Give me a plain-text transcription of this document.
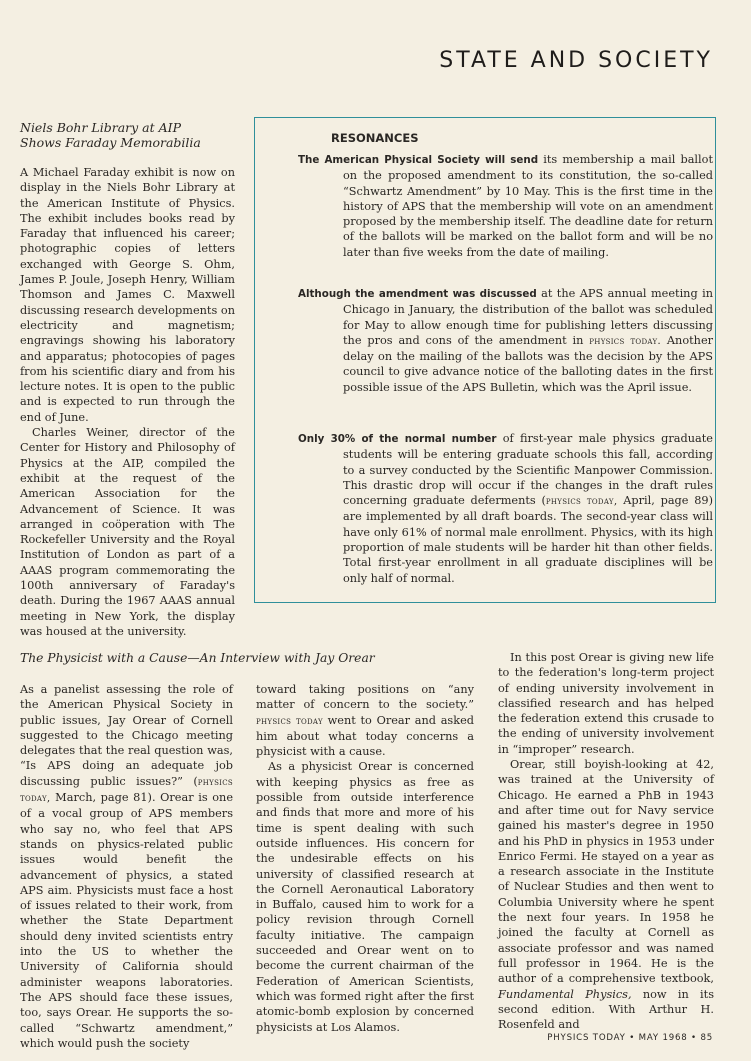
STATE AND SOCIETY
Niels Bohr Library at AIP
Shows Faraday Memorabilia

A Michael Faraday exhibit is now on display in the Niels Bohr Library at the American Institute of Physics. The exhibit includes books read by Faraday that influenced his career; photographic copies of letters exchanged with George S. Ohm, James P. Joule, Joseph Henry, William Thomson and James C. Maxwell discussing research developments on electricity and magnetism; engravings showing his laboratory and apparatus; photocopies of pages from his scientific diary and from his lecture notes. It is open to the public and is expected to run through the end of June.

Charles Weiner, director of the Center for History and Philosophy of Physics at the AIP, compiled the exhibit at the request of the American Association for the Advancement of Science. It was arranged in coöperation with The Rockefeller University and the Royal Institution of London as part of a AAAS program commemorating the 100th anniversary of Faraday's death. During the 1967 AAAS annual meeting in New York, the display was housed at the university.

RESONANCES
The American Physical Society will send its membership a mail ballot on the proposed amendment to its constitution, the so-called “Schwartz Amendment” by 10 May. This is the first time in the history of APS that the membership will vote on an amendment proposed by the membership itself. The deadline date for return of the ballots will be marked on the ballot form and will be no later than five weeks from the date of mailing.
Although the amendment was discussed at the APS annual meeting in Chicago in January, the distribution of the ballot was scheduled for May to allow enough time for publishing letters discussing the pros and cons of the amendment in physics today. Another delay on the mailing of the ballots was the decision by the APS council to give advance notice of the balloting dates in the first possible issue of the APS Bulletin, which was the April issue.
Only 30% of the normal number of first-year male physics graduate students will be entering graduate schools this fall, according to a survey conducted by the Scientific Manpower Commission. This drastic drop will occur if the changes in the draft rules concerning graduate deferments (physics today, April, page 89) are implemented by all draft boards. The second-year class will have only 61% of normal male enrollment. Physics, with its high proportion of male students will be harder hit than other fields. Total first-year enrollment in all graduate disciplines will be only half of normal.
The Physicist with a Cause—An Interview with Jay Orear

As a panelist assessing the role of the American Physical Society in public issues, Jay Orear of Cornell suggested to the Chicago meeting delegates that the real question was, “Is APS doing an adequate job discussing public issues?” (physics today, March, page 81). Orear is one of a vocal group of APS members who say no, who feel that APS stands on physics-related public issues would benefit the advancement of physics, a stated APS aim. Physicists must face a host of issues related to their work, from whether the State Department should deny invited scientists entry into the US to whether the University of California should administer weapons laboratories. The APS should face these issues, too, says Orear. He supports the so-called “Schwartz amendment,” which would push the society

toward taking positions on “any matter of concern to the society.” physics today went to Orear and asked him about what today concerns a physicist with a cause.

As a physicist Orear is concerned with keeping physics as free as possible from outside interference and finds that more and more of his time is spent dealing with such outside influences. His concern for the undesirable effects on his university of classified research at the Cornell Aeronautical Laboratory in Buffalo, caused him to work for a policy revision through Cornell faculty initiative. The campaign succeeded and Orear went on to become the current chairman of the Federation of American Scientists, which was formed right after the first atomic-bomb explosion by concerned physicists at Los Alamos.

In this post Orear is giving new life to the federation's long-term project of ending university involvement in classified research and has helped the federation extend this crusade to the ending of university involvement in “improper” research.

Orear, still boyish-looking at 42, was trained at the University of Chicago. He earned a PhB in 1943 and after time out for Navy service gained his master's degree in 1950 and his PhD in physics in 1953 under Enrico Fermi. He stayed on a year as a research associate in the Institute of Nuclear Studies and then went to Columbia University where he spent the next four years. In 1958 he joined the faculty at Cornell as associate professor and was named full professor in 1964. He is the author of a comprehensive textbook, Fundamental Physics, now in its second edition. With Arthur H. Rosenfeld and

PHYSICS TODAY • MAY 1968 • 85
